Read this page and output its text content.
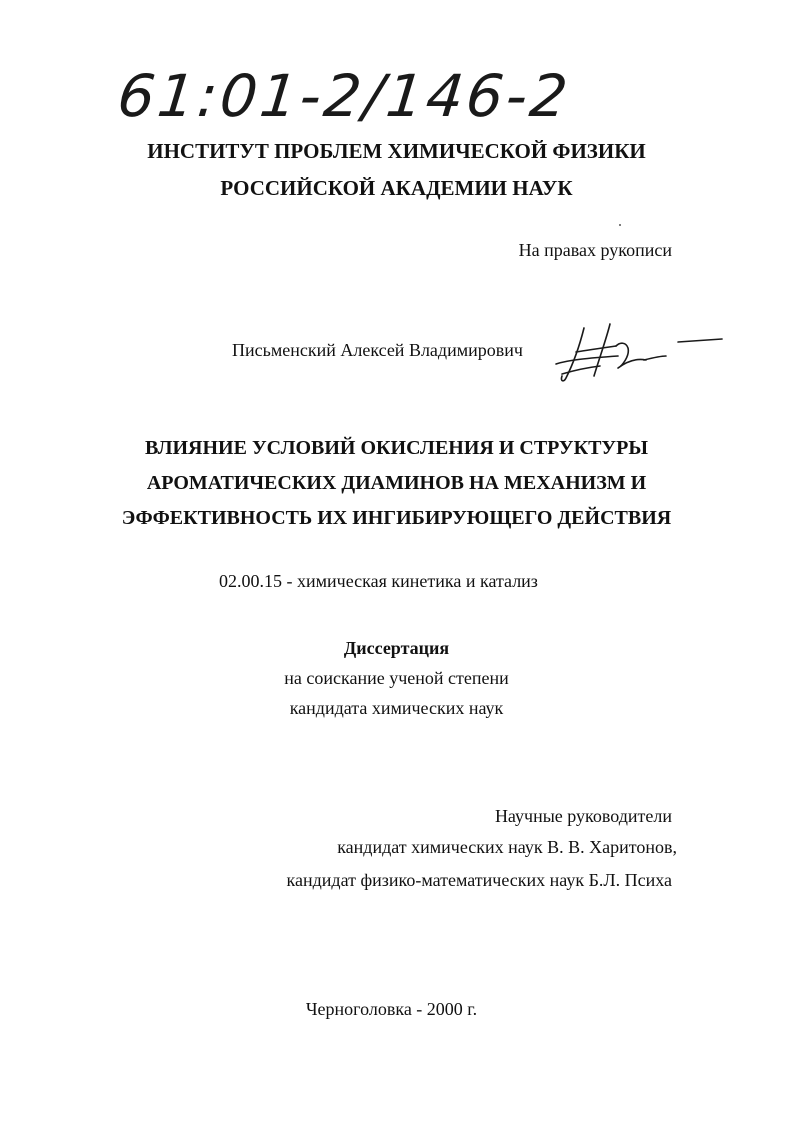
61:01-2/146-2
ИНСТИТУТ ПРОБЛЕМ ХИМИЧЕСКОЙ ФИЗИКИ
РОССИЙСКОЙ АКАДЕМИИ НАУК
На правах рукописи
Письменский Алексей Владимирович
ВЛИЯНИЕ УСЛОВИЙ ОКИСЛЕНИЯ И СТРУКТУРЫ
АРОМАТИЧЕСКИХ ДИАМИНОВ НА МЕХАНИЗМ И
ЭФФЕКТИВНОСТЬ ИХ ИНГИБИРУЮЩЕГО ДЕЙСТВИЯ
02.00.15 - химическая кинетика и катализ
Диссертация
на соискание ученой степени
кандидата химических наук
Научные руководители
кандидат химических наук В. В. Харитонов,
кандидат физико-математических наук Б.Л. Психа
Черноголовка - 2000 г.
